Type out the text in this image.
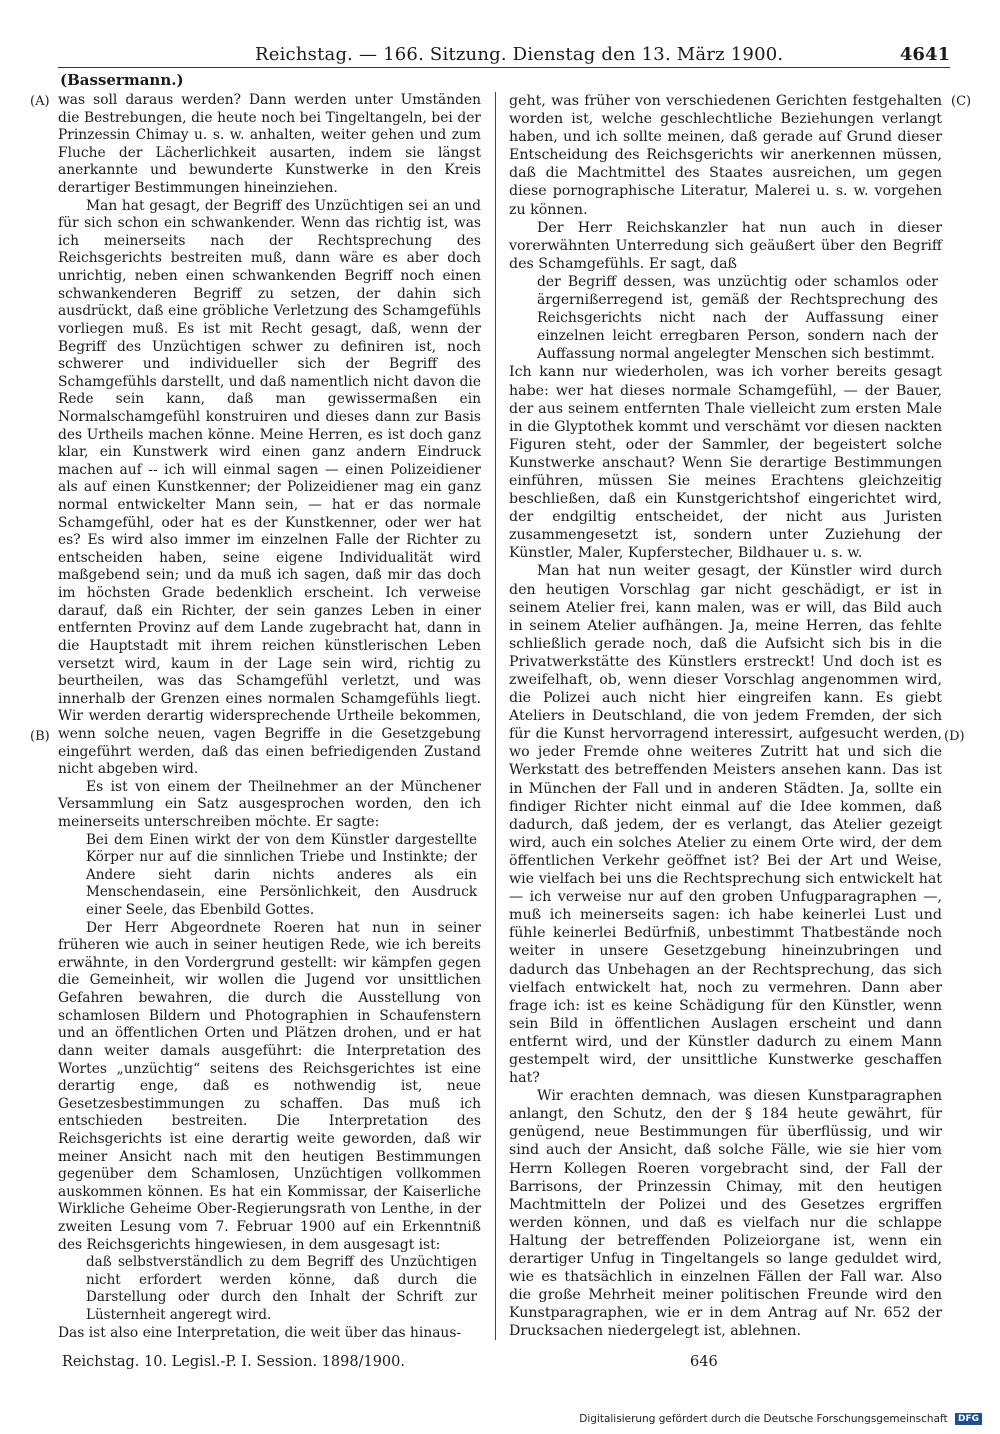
Reichstag. — 166. Sitzung. Dienstag den 13. März 1900.	4641
(Bassermann.)
(A)
(B)
(C)
(D)

was soll daraus werden? Dann werden unter Umständen die Bestrebungen, die heute noch bei Tingeltangeln, bei der Prinzessin Chimay u. s. w. anhalten, weiter gehen und zum Fluche der Lächerlichkeit ausarten, indem sie längst anerkannte und bewunderte Kunstwerke in den Kreis derartiger Bestimmungen hineinziehen.

Man hat gesagt, der Begriff des Unzüchtigen sei an und für sich schon ein schwankender. Wenn das richtig ist, was ich meinerseits nach der Rechtsprechung des Reichsgerichts bestreiten muß, dann wäre es aber doch unrichtig, neben einen schwankenden Begriff noch einen schwankenderen Begriff zu setzen, der dahin sich ausdrückt, daß eine gröbliche Verletzung des Schamgefühls vorliegen muß. Es ist mit Recht gesagt, daß, wenn der Begriff des Unzüchtigen schwer zu definiren ist, noch schwerer und individueller sich der Begriff des Schamgefühls darstellt, und daß namentlich nicht davon die Rede sein kann, daß man gewissermaßen ein Normalschamgefühl konstruiren und dieses dann zur Basis des Urtheils machen könne. Meine Herren, es ist doch ganz klar, ein Kunstwerk wird einen ganz andern Eindruck machen auf -- ich will einmal sagen — einen Polizeidiener als auf einen Kunstkenner; der Polizeidiener mag ein ganz normal entwickelter Mann sein, — hat er das normale Schamgefühl, oder hat es der Kunstkenner, oder wer hat es? Es wird also immer im einzelnen Falle der Richter zu entscheiden haben, seine eigene Individualität wird maßgebend sein; und da muß ich sagen, daß mir das doch im höchsten Grade bedenklich erscheint. Ich verweise darauf, daß ein Richter, der sein ganzes Leben in einer entfernten Provinz auf dem Lande zugebracht hat, dann in die Hauptstadt mit ihrem reichen künstlerischen Leben versetzt wird, kaum in der Lage sein wird, richtig zu beurtheilen, was das Schamgefühl verletzt, und was innerhalb der Grenzen eines normalen Schamgefühls liegt. Wir werden derartig widersprechende Urtheile bekommen, wenn solche neuen, vagen Begriffe in die Gesetzgebung eingeführt werden, daß das einen befriedigenden Zustand nicht abgeben wird.

Es ist von einem der Theilnehmer an der Münchener Versammlung ein Satz ausgesprochen worden, den ich meinerseits unterschreiben möchte. Er sagte:

Bei dem Einen wirkt der von dem Künstler dargestellte Körper nur auf die sinnlichen Triebe und Instinkte; der Andere sieht darin nichts anderes als ein Menschendasein, eine Persönlichkeit, den Ausdruck einer Seele, das Ebenbild Gottes.

Der Herr Abgeordnete Roeren hat nun in seiner früheren wie auch in seiner heutigen Rede, wie ich bereits erwähnte, in den Vordergrund gestellt: wir kämpfen gegen die Gemeinheit, wir wollen die Jugend vor unsittlichen Gefahren bewahren, die durch die Ausstellung von schamlosen Bildern und Photographien in Schaufenstern und an öffentlichen Orten und Plätzen drohen, und er hat dann weiter damals ausgeführt: die Interpretation des Wortes „unzüchtig“ seitens des Reichsgerichtes ist eine derartig enge, daß es nothwendig ist, neue Gesetzesbestimmungen zu schaffen. Das muß ich entschieden bestreiten. Die Interpretation des Reichsgerichts ist eine derartig weite geworden, daß wir meiner Ansicht nach mit den heutigen Bestimmungen gegenüber dem Schamlosen, Unzüchtigen vollkommen auskommen können. Es hat ein Kommissar, der Kaiserliche Wirkliche Geheime Ober-Regierungsrath von Lenthe, in der zweiten Lesung vom 7. Februar 1900 auf ein Erkenntniß des Reichsgerichts hingewiesen, in dem ausgesagt ist:

daß selbstverständlich zu dem Begriff des Unzüchtigen nicht erfordert werden könne, daß durch die Darstellung oder durch den Inhalt der Schrift zur Lüsternheit angeregt wird.

Das ist also eine Interpretation, die weit über das hinaus-

geht, was früher von verschiedenen Gerichten festgehalten worden ist, welche geschlechtliche Beziehungen verlangt haben, und ich sollte meinen, daß gerade auf Grund dieser Entscheidung des Reichsgerichts wir anerkennen müssen, daß die Machtmittel des Staates ausreichen, um gegen diese pornographische Literatur, Malerei u. s. w. vorgehen zu können.

Der Herr Reichskanzler hat nun auch in dieser vorerwähnten Unterredung sich geäußert über den Begriff des Schamgefühls. Er sagt, daß

der Begriff dessen, was unzüchtig oder schamlos oder ärgernißerregend ist, gemäß der Rechtsprechung des Reichsgerichts nicht nach der Auffassung einer einzelnen leicht erregbaren Person, sondern nach der Auffassung normal angelegter Menschen sich bestimmt.

Ich kann nur wiederholen, was ich vorher bereits gesagt habe: wer hat dieses normale Schamgefühl, — der Bauer, der aus seinem entfernten Thale vielleicht zum ersten Male in die Glyptothek kommt und verschämt vor diesen nackten Figuren steht, oder der Sammler, der begeistert solche Kunstwerke anschaut? Wenn Sie derartige Bestimmungen einführen, müssen Sie meines Erachtens gleichzeitig beschließen, daß ein Kunstgerichtshof eingerichtet wird, der endgiltig entscheidet, der nicht aus Juristen zusammengesetzt ist, sondern unter Zuziehung der Künstler, Maler, Kupferstecher, Bildhauer u. s. w.

Man hat nun weiter gesagt, der Künstler wird durch den heutigen Vorschlag gar nicht geschädigt, er ist in seinem Atelier frei, kann malen, was er will, das Bild auch in seinem Atelier aufhängen. Ja, meine Herren, das fehlte schließlich gerade noch, daß die Aufsicht sich bis in die Privatwerkstätte des Künstlers erstreckt! Und doch ist es zweifelhaft, ob, wenn dieser Vorschlag angenommen wird, die Polizei auch nicht hier eingreifen kann. Es giebt Ateliers in Deutschland, die von jedem Fremden, der sich für die Kunst hervorragend interessirt, aufgesucht werden, wo jeder Fremde ohne weiteres Zutritt hat und sich die Werkstatt des betreffenden Meisters ansehen kann. Das ist in München der Fall und in anderen Städten. Ja, sollte ein findiger Richter nicht einmal auf die Idee kommen, daß dadurch, daß jedem, der es verlangt, das Atelier gezeigt wird, auch ein solches Atelier zu einem Orte wird, der dem öffentlichen Verkehr geöffnet ist? Bei der Art und Weise, wie vielfach bei uns die Rechtsprechung sich entwickelt hat — ich verweise nur auf den groben Unfugparagraphen —, muß ich meinerseits sagen: ich habe keinerlei Lust und fühle keinerlei Bedürfniß, unbestimmt Thatbestände noch weiter in unsere Gesetzgebung hineinzubringen und dadurch das Unbehagen an der Rechtsprechung, das sich vielfach entwickelt hat, noch zu vermehren. Dann aber frage ich: ist es keine Schädigung für den Künstler, wenn sein Bild in öffentlichen Auslagen erscheint und dann entfernt wird, und der Künstler dadurch zu einem Mann gestempelt wird, der unsittliche Kunstwerke geschaffen hat?

Wir erachten demnach, was diesen Kunstparagraphen anlangt, den Schutz, den der § 184 heute gewährt, für genügend, neue Bestimmungen für überflüssig, und wir sind auch der Ansicht, daß solche Fälle, wie sie hier vom Herrn Kollegen Roeren vorgebracht sind, der Fall der Barrisons, der Prinzessin Chimay, mit den heutigen Machtmitteln der Polizei und des Gesetzes ergriffen werden können, und daß es vielfach nur die schlappe Haltung der betreffenden Polizeiorgane ist, wenn ein derartiger Unfug in Tingeltangels so lange geduldet wird, wie es thatsächlich in einzelnen Fällen der Fall war. Also die große Mehrheit meiner politischen Freunde wird den Kunstparagraphen, wie er in dem Antrag auf Nr. 652 der Drucksachen niedergelegt ist, ablehnen.

Reichstag. 10. Legisl.-P. I. Session. 1898/1900.	646
Digitalisierung gefördert durch die Deutsche Forschungsgemeinschaft DFG
